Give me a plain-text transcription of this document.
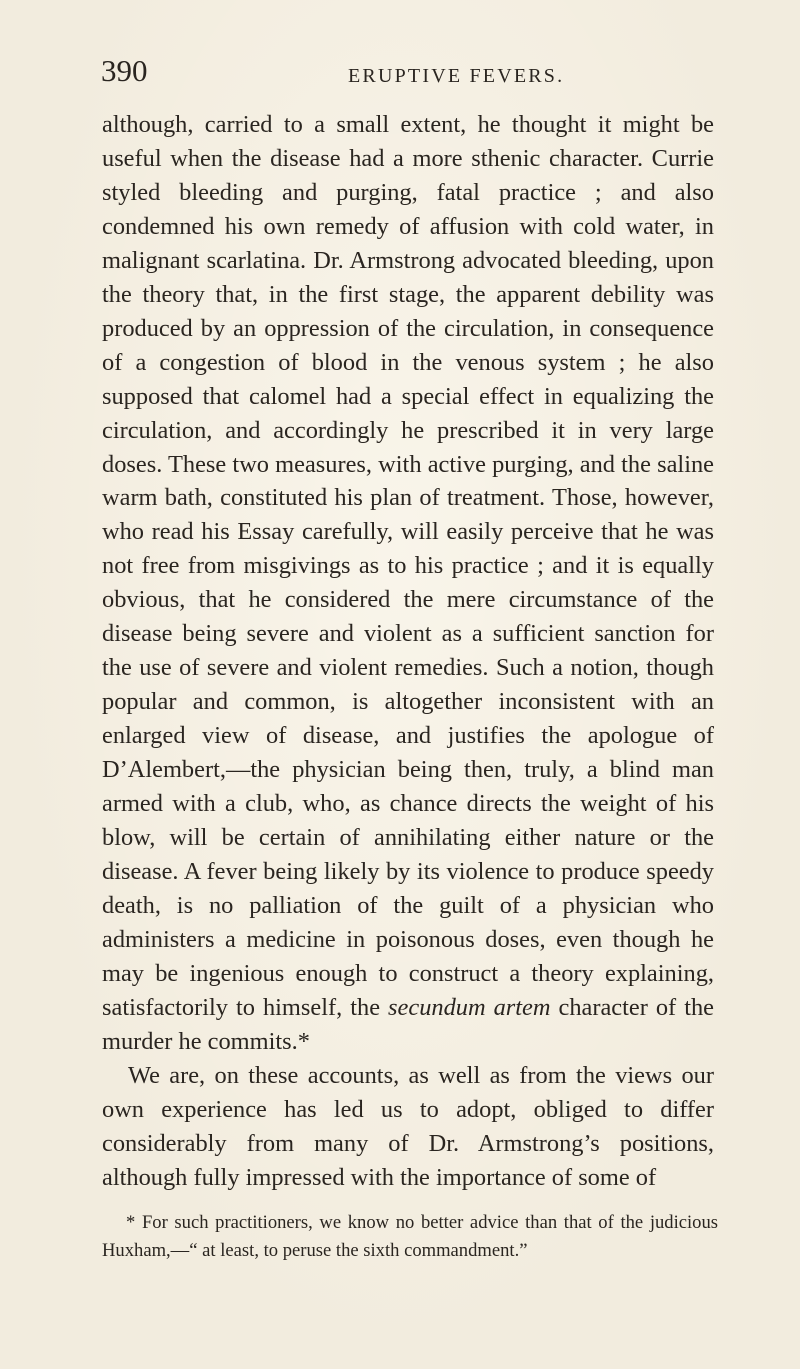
390	ERUPTIVE FEVERS.

although, carried to a small extent, he thought it might be useful when the disease had a more sthenic character. Currie styled bleeding and purging, fatal practice ; and also condemned his own remedy of affusion with cold water, in malignant scarlatina. Dr. Armstrong advocated bleeding, upon the theory that, in the first stage, the apparent debility was produced by an oppression of the circulation, in consequence of a congestion of blood in the venous system ; he also supposed that calomel had a special effect in equalizing the circulation, and accordingly he prescribed it in very large doses. These two measures, with active purging, and the saline warm bath, constituted his plan of treatment. Those, however, who read his Essay carefully, will easily perceive that he was not free from misgivings as to his practice ; and it is equally obvious, that he considered the mere circumstance of the disease being severe and violent as a sufficient sanction for the use of severe and violent remedies. Such a notion, though popular and common, is altogether inconsistent with an enlarged view of disease, and justifies the apologue of D’Alembert,—the physician being then, truly, a blind man armed with a club, who, as chance directs the weight of his blow, will be certain of annihilating either nature or the disease. A fever being likely by its violence to produce speedy death, is no palliation of the guilt of a physician who administers a medicine in poisonous doses, even though he may be ingenious enough to construct a theory explaining, satisfactorily to himself, the secundum artem character of the murder he commits.*

We are, on these accounts, as well as from the views our own experience has led us to adopt, obliged to differ considerably from many of Dr. Armstrong’s positions, although fully impressed with the importance of some of

* For such practitioners, we know no better advice than that of the judicious Huxham,—“ at least, to peruse the sixth commandment.”
